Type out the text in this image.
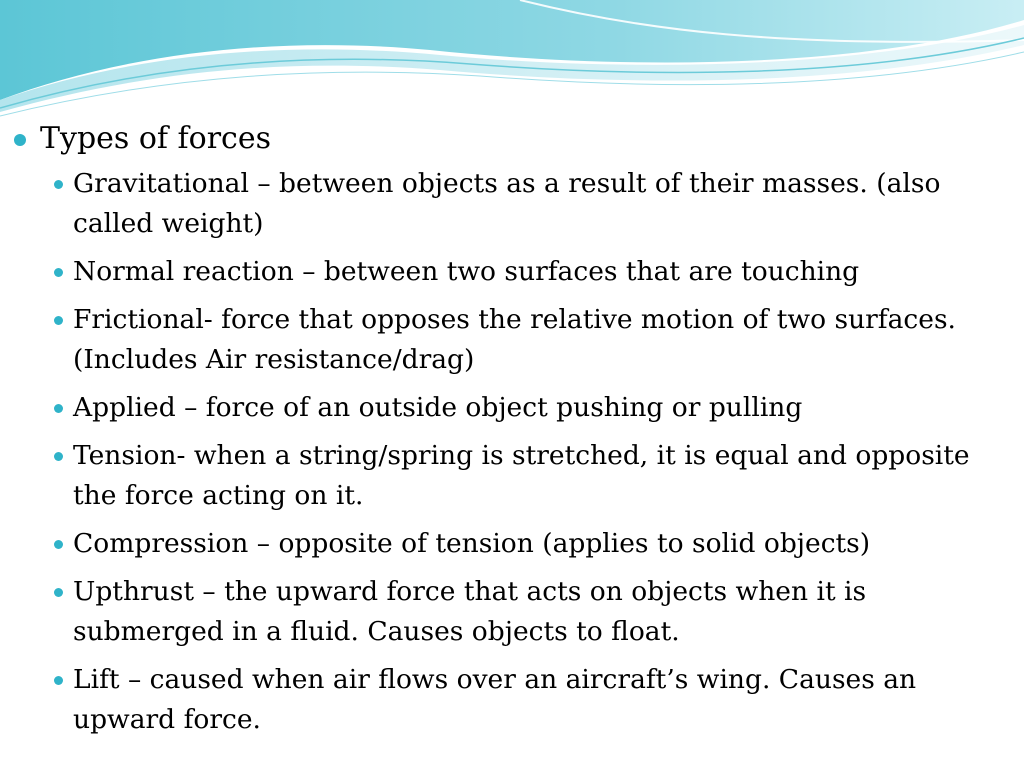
Types of forces
Gravitational – between objects as a result of their masses. (also called weight)
Normal reaction – between two surfaces that are touching
Frictional- force that opposes the relative motion of two surfaces. (Includes Air resistance/drag)
Applied – force of an outside object pushing or pulling
Tension- when a string/spring is stretched, it is equal and opposite the force acting on it.
Compression – opposite of tension (applies to solid objects)
Upthrust – the upward force that acts on objects when it is submerged in a fluid. Causes objects to float.
Lift – caused when air flows over an aircraft’s wing. Causes an upward force.
